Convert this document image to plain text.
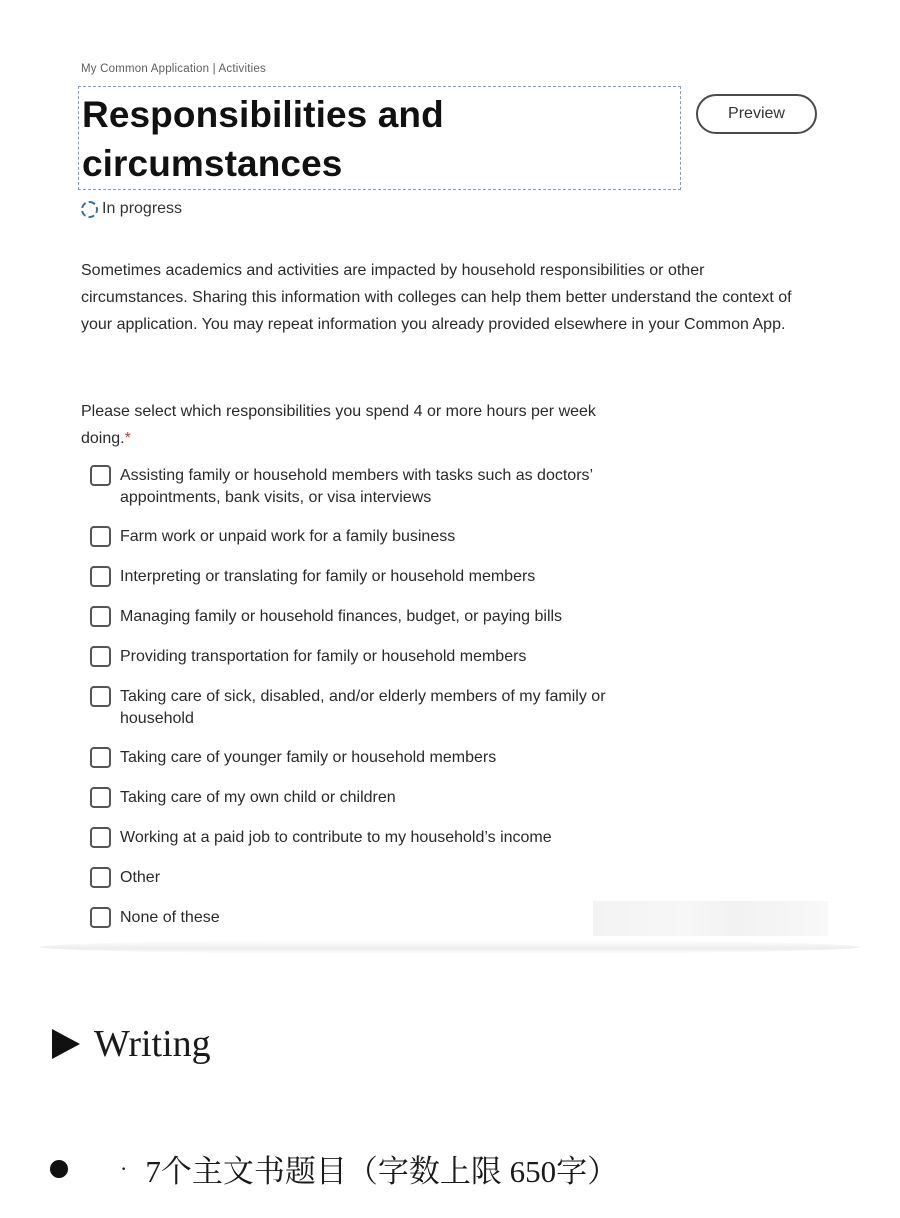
My Common Application | Activities
Responsibilities and circumstances
Preview
In progress

Sometimes academics and activities are impacted by household responsibilities or other circumstances. Sharing this information with colleges can help them better understand the context of your application. You may repeat information you already provided elsewhere in your Common App.

Please select which responsibilities you spend 4 or more hours per week doing.*

Assisting family or household members with tasks such as doctors’ appointments, bank visits, or visa interviews
Farm work or unpaid work for a family business
Interpreting or translating for family or household members
Managing family or household finances, budget, or paying bills
Providing transportation for family or household members
Taking care of sick, disabled, and/or elderly members of my family or household
Taking care of younger family or household members
Taking care of my own child or children
Working at a paid job to contribute to my household’s income
Other
None of these
Writing
· 7个主文书题目（字数上限 650字）
